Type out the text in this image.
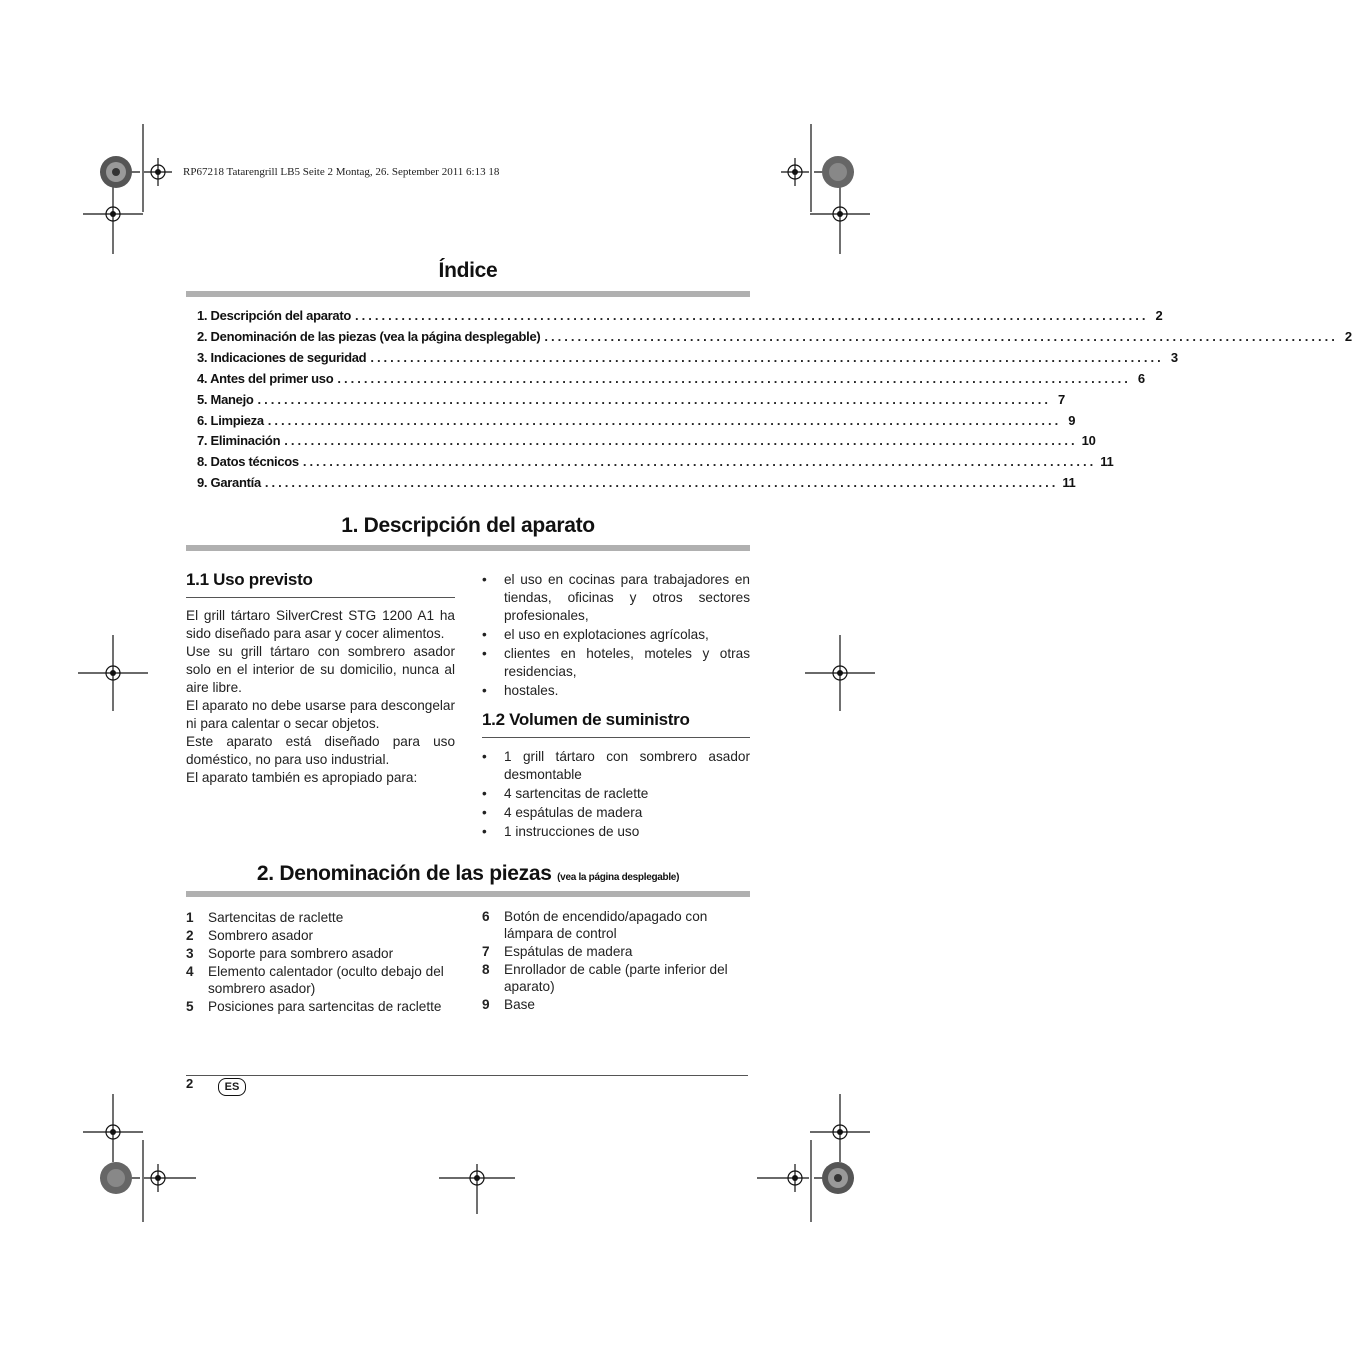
RP67218 Tatarengrill LB5 Seite 2 Montag, 26. September 2011 6:13 18
Índice
1. Descripción del aparato ........................................................................................................................ 2
2. Denominación de las piezas (vea la página desplegable) ........................................................................................................................ 2
3. Indicaciones de seguridad ........................................................................................................................ 3
4. Antes del primer uso ........................................................................................................................ 6
5. Manejo ........................................................................................................................ 7
6. Limpieza ........................................................................................................................ 9
7. Eliminación ........................................................................................................................ 10
8. Datos técnicos ........................................................................................................................ 11
9. Garantía ........................................................................................................................ 11
1. Descripción del aparato
1.1 Uso previsto

El grill tártaro SilverCrest STG 1200 A1 ha sido diseñado para asar y cocer alimentos.

Use su grill tártaro con sombrero asador solo en el interior de su domicilio, nunca al aire libre.

El aparato no debe usarse para descongelar ni para calentar o secar objetos.

Este aparato está diseñado para uso doméstico, no para uso industrial.

El aparato también es apropiado para:

• el uso en cocinas para trabajadores en tiendas, oficinas y otros sectores profesionales,
• el uso en explotaciones agrícolas,
• clientes en hoteles, moteles y otras residencias,
• hostales.
1.2 Volumen de suministro
• 1 grill tártaro con sombrero asador desmontable
• 4 sartencitas de raclette
• 4 espátulas de madera
• 1 instrucciones de uso
2. Denominación de las piezas (vea la página desplegable)
1	Sartencitas de raclette
2	Sombrero asador
3	Soporte para sombrero asador
4	Elemento calentador (oculto debajo del sombrero asador)
5	Posiciones para sartencitas de raclette
6	Botón de encendido/apagado con lámpara de control
7	Espátulas de madera
8	Enrollador de cable (parte inferior del aparato)
9	Base
2	ES
